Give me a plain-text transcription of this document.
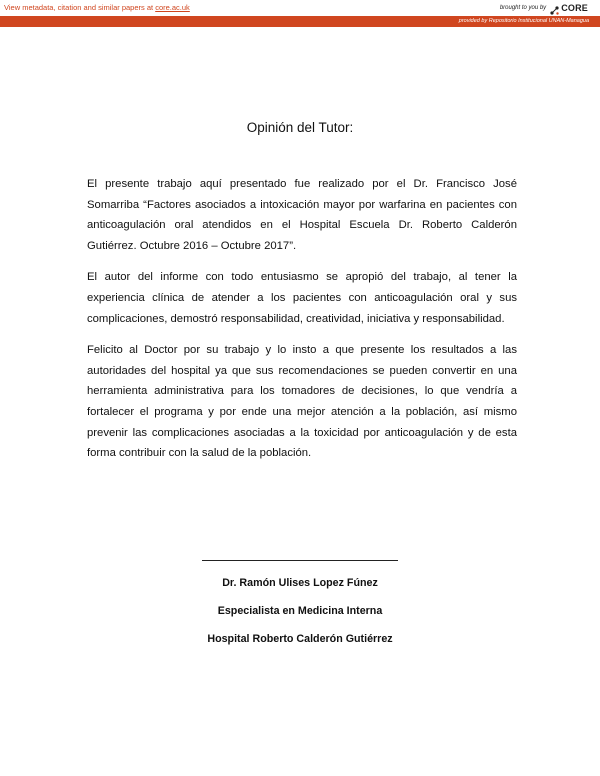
View metadata, citation and similar papers at core.ac.uk	brought to you by CORE
provided by Repositorio Institucional UNAN-Managua
Opinión del Tutor:

El presente trabajo aquí presentado fue realizado por el Dr. Francisco José Somarriba “Factores asociados a intoxicación mayor por warfarina en pacientes con anticoagulación oral atendidos en el Hospital Escuela Dr. Roberto Calderón Gutiérrez. Octubre 2016 – Octubre 2017”.

El autor del informe con todo entusiasmo se apropió del trabajo, al tener la experiencia clínica de atender a los pacientes con anticoagulación oral y sus complicaciones, demostró responsabilidad, creatividad, iniciativa y responsabilidad.

Felicito al Doctor por su trabajo y lo insto a que presente los resultados a las autoridades del hospital ya que sus recomendaciones se pueden convertir en una herramienta administrativa para los tomadores de decisiones, lo que vendría a fortalecer el programa y por ende una mejor atención a la población, así mismo prevenir las complicaciones asociadas a la toxicidad por anticoagulación y de esta forma contribuir con la salud de la población.

Dr. Ramón Ulises Lopez Fúnez
Especialista en Medicina Interna
Hospital Roberto Calderón Gutiérrez
